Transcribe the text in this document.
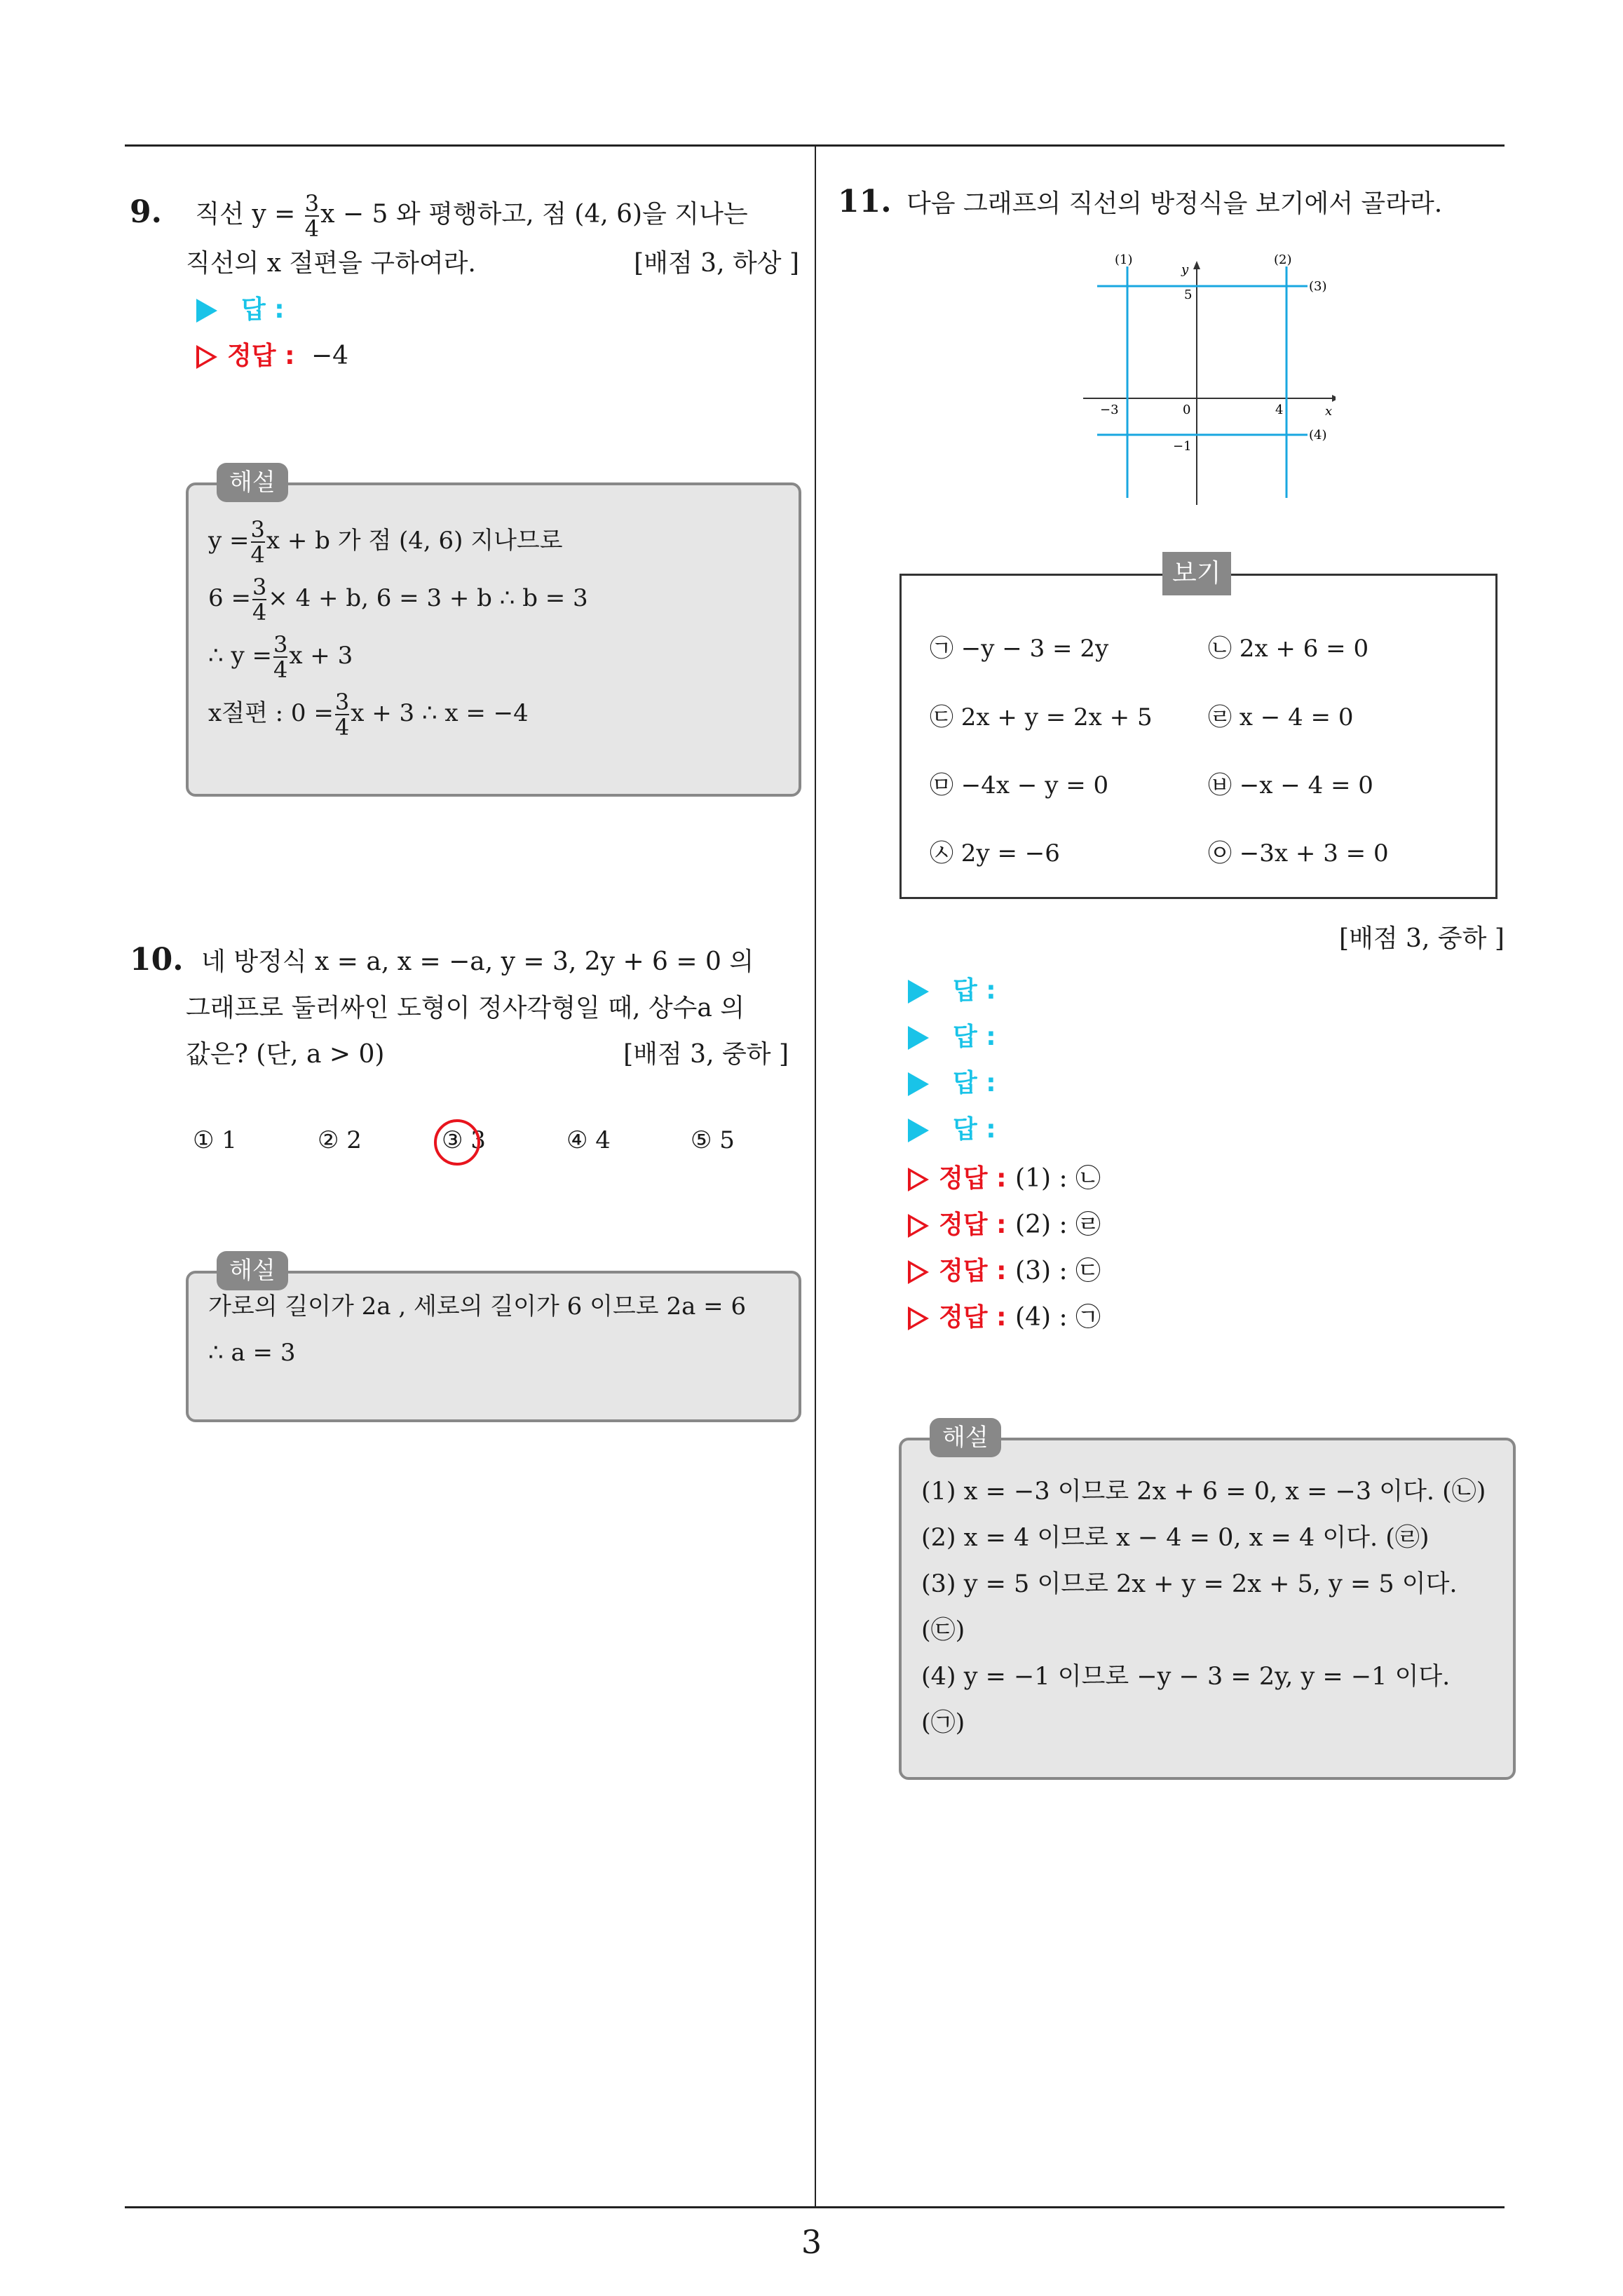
9. 직선 $y = \frac{3}{4}$ x − 5 와 평행하고, 점 (4, 6)을 지나는
직선의 x 절편을 구하여라.	[배점 3, 하상 ]
답 :
정답 : −4
해설
$y = \frac{3}{4}$ x + b 가 점 (4, 6) 지나므로
$6 = \frac{3}{4} \times 4 + b$, 6 = 3 + b ∴ b = 3
∴ $y = \frac{3}{4}$ x + 3
x절편 : $0 = \frac{3}{4}$ x + 3 ∴ x = −4
10. 네 방정식 x = a, x = −a, y = 3, 2y + 6 = 0 의
그래프로 둘러싸인 도형이 정사각형일 때, 상수a 의
값은? (단, a > 0)	[배점 3, 중하 ]
① 1	② 2	③ 3	④ 4	⑤ 5
해설
가로의 길이가 2a , 세로의 길이가 6 이므로 2a = 6
∴ a = 3
11. 다음 그래프의 직선의 방정식을 보기에서 골라라.
(1)	(2)
(3)
(4)
y
x
−3	0	4
5
−1
보기
㉠ −y − 3 = 2y	㉡ 2x + 6 = 0
㉢ 2x + y = 2x + 5 ㉣ x − 4 = 0
㉤ −4x − y = 0	㉥ −x − 4 = 0
㉦ 2y = −6	㉧ −3x + 3 = 0
[배점 3, 중하 ]
답 :
답 :
답 :
답 :
정답 : (1) : ㉡
정답 : (2) : ㉣
정답 : (3) : ㉢
정답 : (4) : ㉠
해설
(1) x = −3 이므로 2x + 6 = 0, x = −3 이다. (㉡)
(2) x = 4 이므로 x − 4 = 0, x = 4 이다. (㉣)
(3) y = 5 이므로 2x + y = 2x + 5, y = 5 이다.
(㉢)
(4) y = −1 이므로 −y − 3 = 2y, y = −1 이다.
(㉠)
3
